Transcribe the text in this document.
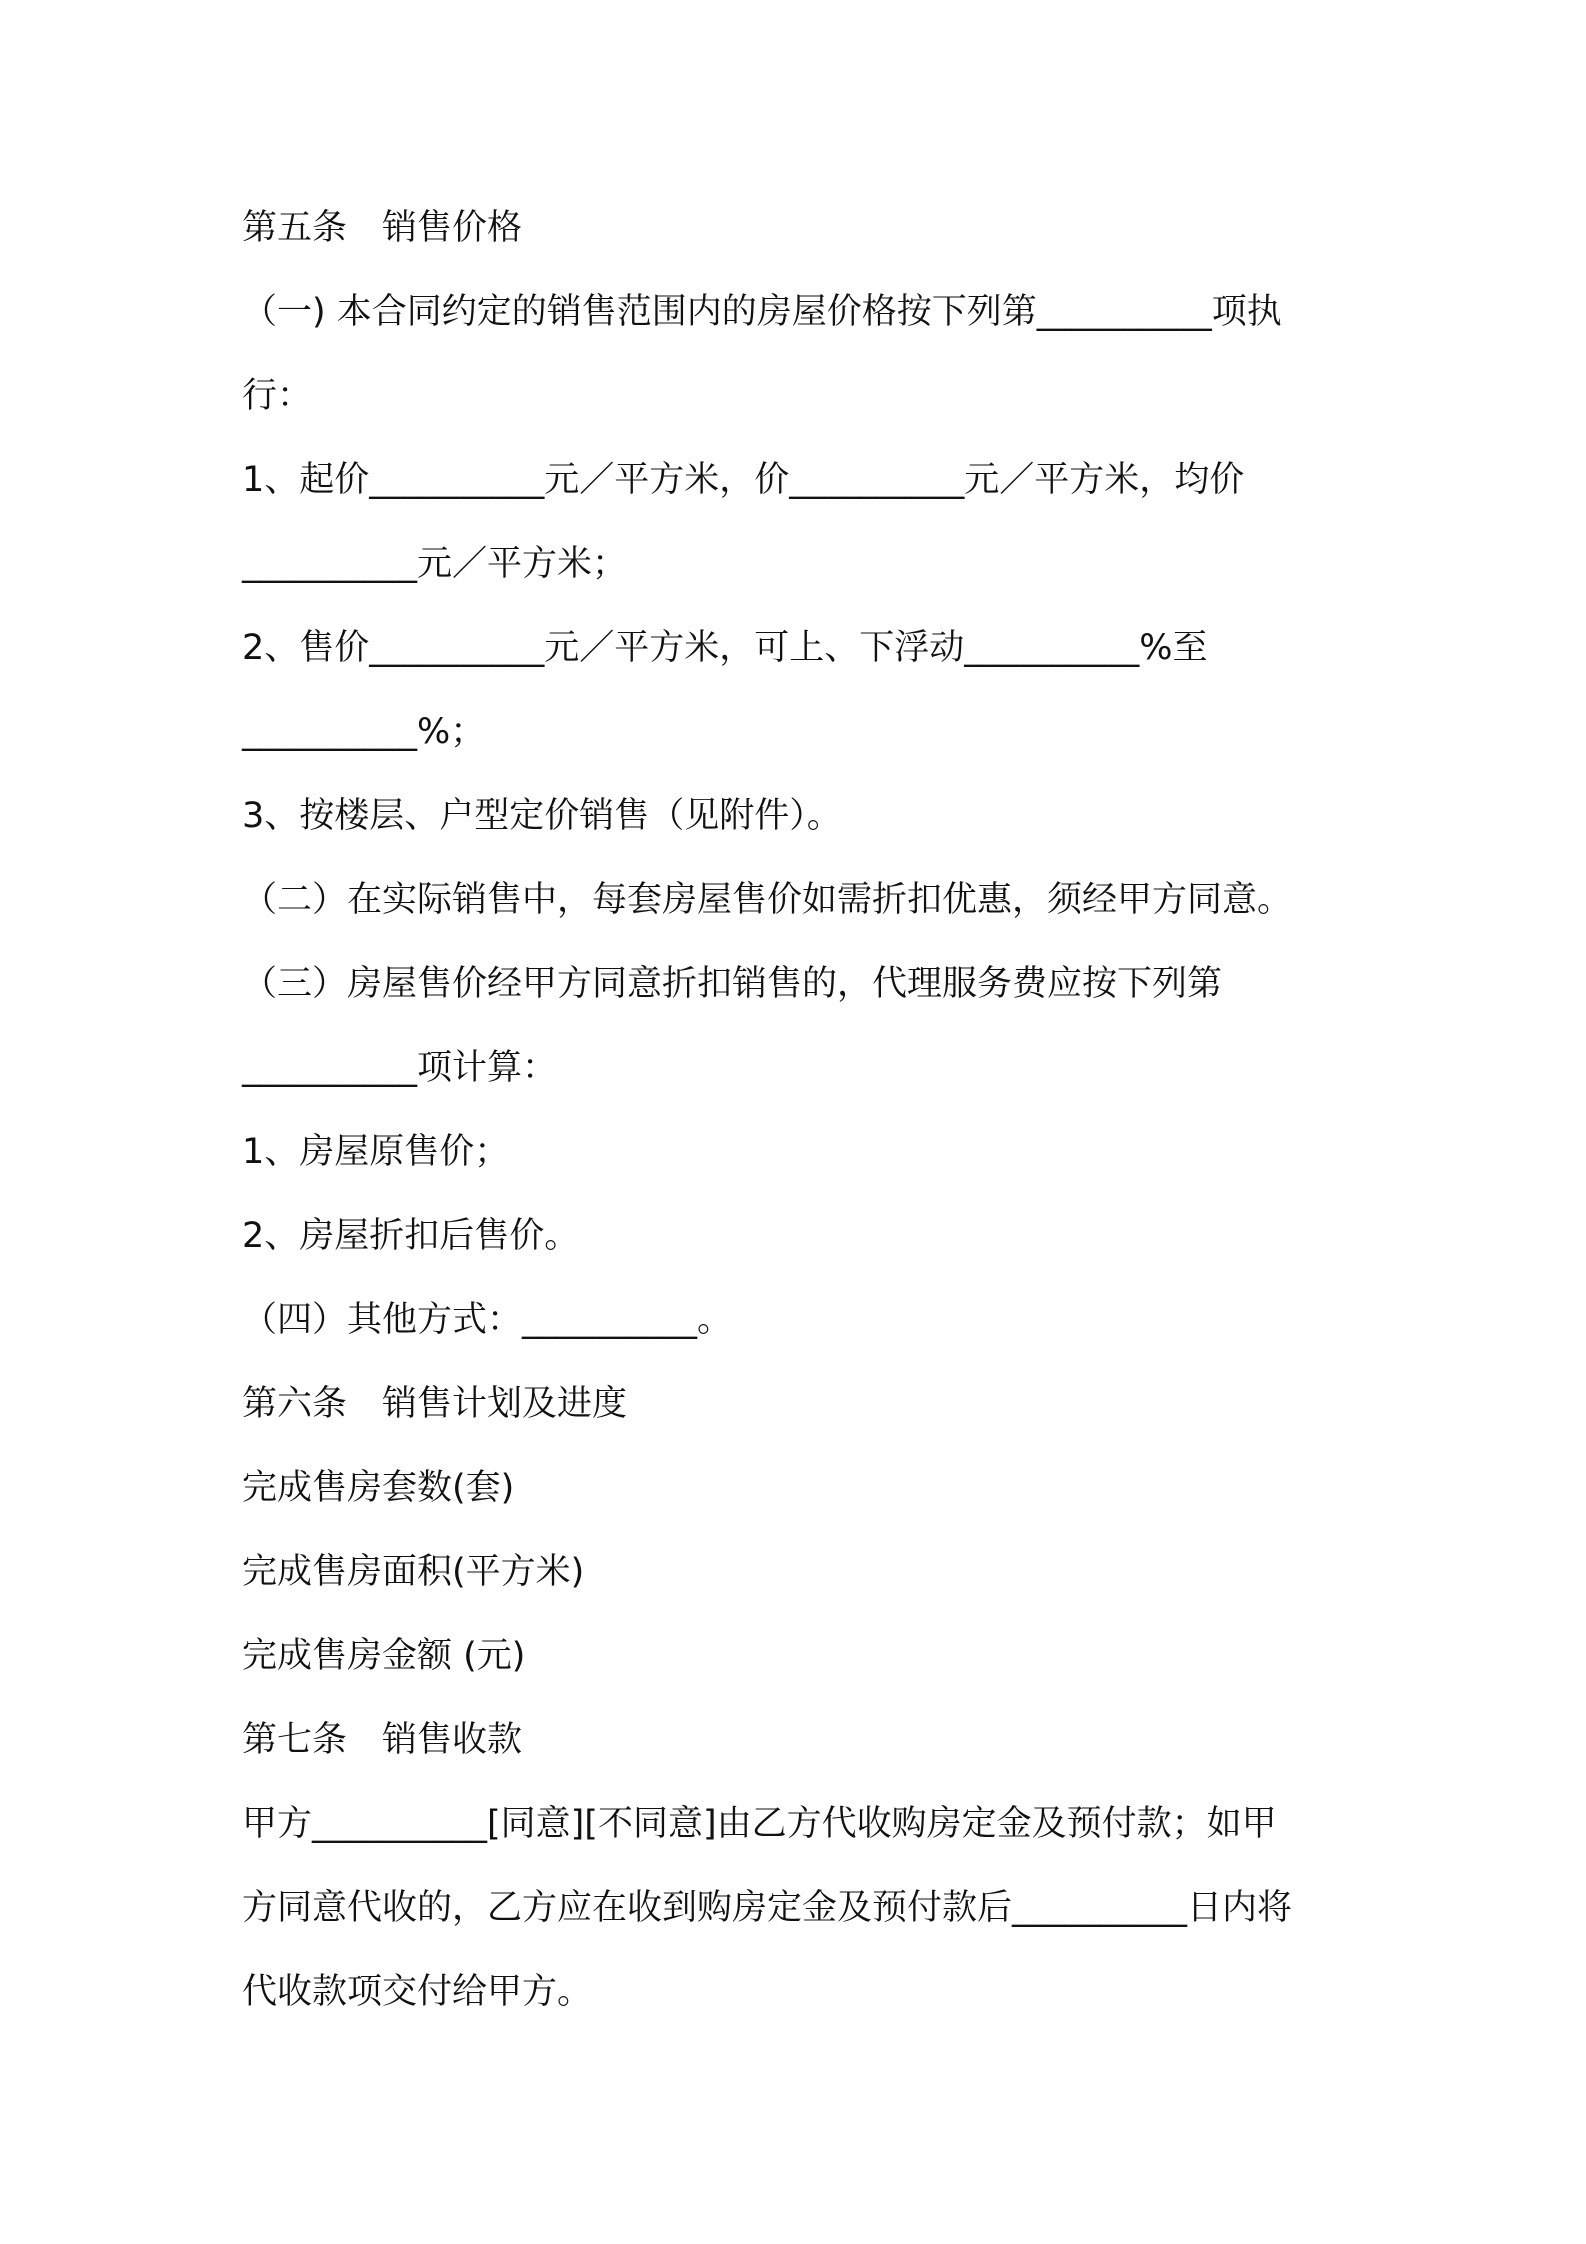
第五条　销售价格
（一) 本合同约定的销售范围内的房屋价格按下列第__________项执
行：
1、起价__________元／平方米，价__________元／平方米，均价
__________元／平方米；
2、售价__________元／平方米，可上、下浮动__________%至
__________%；
3、按楼层、户型定价销售（见附件）。
（二）在实际销售中，每套房屋售价如需折扣优惠，须经甲方同意。
（三）房屋售价经甲方同意折扣销售的，代理服务费应按下列第
__________项计算：
1、房屋原售价；
2、房屋折扣后售价。
（四）其他方式：__________。
第六条　销售计划及进度
完成售房套数(套)
完成售房面积(平方米)
完成售房金额 (元)
第七条　销售收款
甲方__________[同意][不同意]由乙方代收购房定金及预付款；如甲
方同意代收的，乙方应在收到购房定金及预付款后__________日内将
代收款项交付给甲方。
